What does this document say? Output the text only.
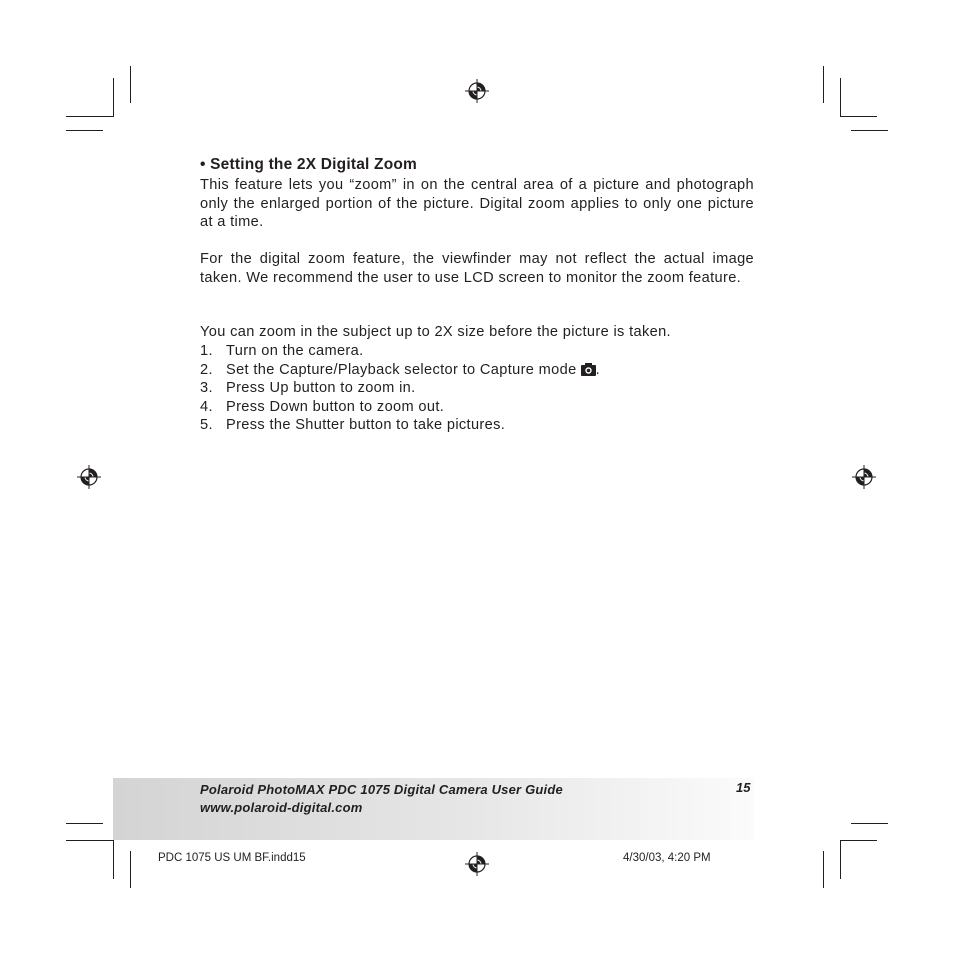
• Setting the 2X Digital Zoom

This feature lets you “zoom” in on the central area of a picture and photograph only the enlarged portion of the picture. Digital zoom applies to only one picture at a time.

For the digital zoom feature, the viewfinder may not reflect the actual image taken. We recommend the user to use LCD screen to monitor the zoom feature.

You can zoom in the subject up to 2X size before the picture is taken.

1. Turn on the camera.
2. Set the Capture/Playback selector to Capture mode .
3. Press Up button to zoom in.
4. Press Down button to zoom out.
5. Press the Shutter button to take pictures.

Polaroid PhotoMAX PDC 1075 Digital Camera User Guide

www.polaroid-digital.com

15

PDC 1075 US UM BF.indd15	4/30/03, 4:20 PM
